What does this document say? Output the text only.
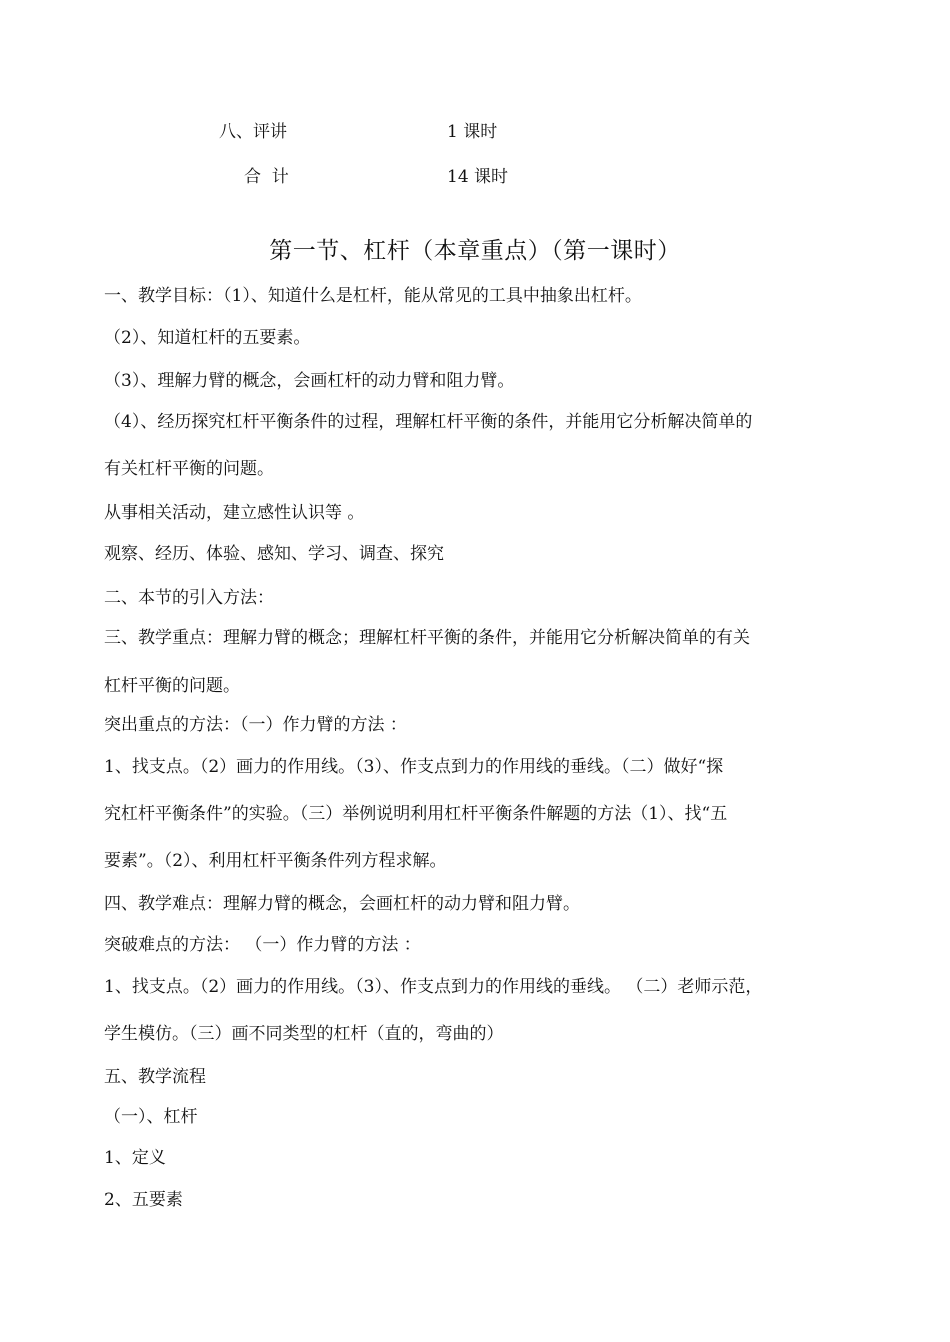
八、评讲	1 课时
合  计	14 课时
第一节、杠杆（本章重点）（第一课时）
一、教学目标：（1）、知道什么是杠杆，能从常见的工具中抽象出杠杆。
（2）、知道杠杆的五要素。
（3）、理解力臂的概念，会画杠杆的动力臂和阻力臂。
（4）、经历探究杠杆平衡条件的过程，理解杠杆平衡的条件，并能用它分析解决简单的
有关杠杆平衡的问题。
从事相关活动，建立感性认识等 。
观察、经历、体验、感知、学习、调查、探究
二、本节的引入方法：
三、教学重点：理解力臂的概念；理解杠杆平衡的条件，并能用它分析解决简单的有关
杠杆平衡的问题。
突出重点的方法：（一）作力臂的方法 ：
1、找支点。（2）画力的作用线。（3）、作支点到力的作用线的垂线。（二）做好“探
究杠杆平衡条件”的实验。（三）举例说明利用杠杆平衡条件解题的方法（1）、找“五
要素”。（2）、利用杠杆平衡条件列方程求解。
四、教学难点：理解力臂的概念，会画杠杆的动力臂和阻力臂。
突破难点的方法： （一）作力臂的方法 ：
1、找支点。（2）画力的作用线。（3）、作支点到力的作用线的垂线。 （二）老师示范，
学生模仿。（三）画不同类型的杠杆（直的，弯曲的）
五、教学流程
（一）、杠杆
1、定义
2、五要素
